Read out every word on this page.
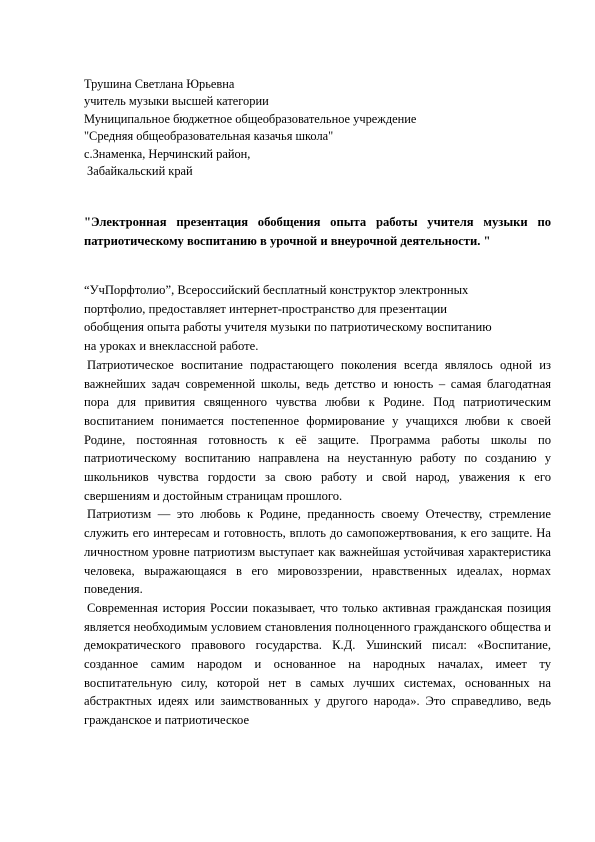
Трушина Светлана Юрьевна
учитель музыки высшей категории
Муниципальное бюджетное общеобразовательное учреждение
"Средняя общеобразовательная казачья школа"
с.Знаменка, Нерчинский район,
Забайкальский край
"Электронная презентация обобщения опыта работы учителя музыки по патриотическому воспитанию в урочной и внеурочной деятельности. "

“УчПорфтолио”, Всероссийский бесплатный конструктор электронных
портфолио, предоставляет интернет-пространство для презентации
обобщения опыта работы учителя музыки по патриотическому воспитанию
на уроках и внеклассной работе.

Патриотическое воспитание подрастающего поколения всегда являлось одной из важнейших задач современной школы, ведь детство и юность – самая благодатная пора для привития священного чувства любви к Родине. Под патриотическим воспитанием понимается постепенное формирование у учащихся любви к своей Родине, постоянная готовность к её защите. Программа работы школы по патриотическому воспитанию направлена на неустанную работу по созданию у школьников чувства гордости за свою работу и свой народ, уважения к его свершениям и достойным страницам прошлого.

Патриотизм — это любовь к Родине, преданность своему Отечеству, стремление служить его интересам и готовность, вплоть до самопожертвования, к его защите. На личностном уровне патриотизм выступает как важнейшая устойчивая характеристика человека, выражающаяся в его мировоззрении, нравственных идеалах, нормах поведения.

Современная история России показывает, что только активная гражданская позиция является необходимым условием становления полноценного гражданского общества и демократического правового государства. К.Д. Ушинский писал: «Воспитание, созданное самим народом и основанное на народных началах, имеет ту воспитательную силу, которой нет в самых лучших системах, основанных на абстрактных идеях или заимствованных у другого народа». Это справедливо, ведь гражданское и патриотическое
